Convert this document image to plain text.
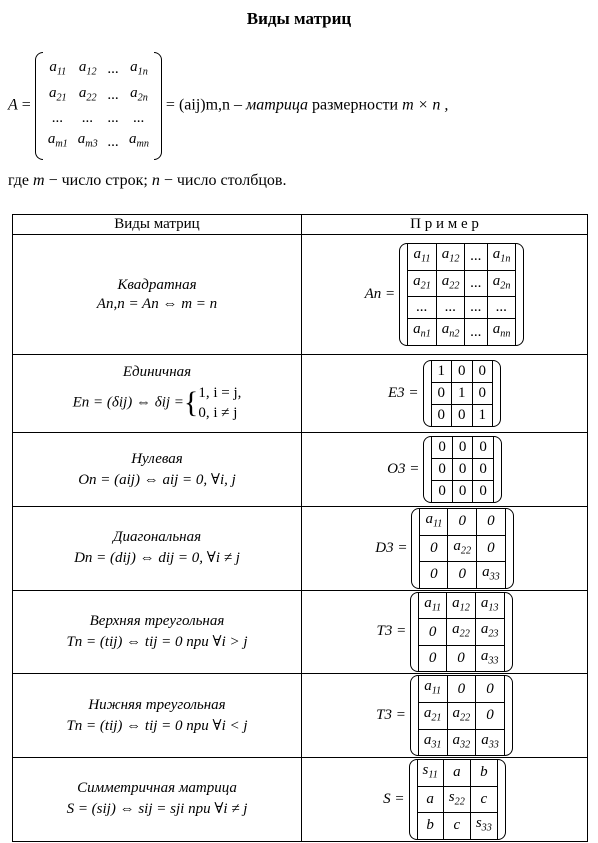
Виды матриц
A =
$a_{11}$	$a_{12}$	...	$a_{1n}$
$a_{21}$	$a_{22}$	...	$a_{2n}$
...	...	...	...
$a_{m1}$	$a_{m3}$	...	$a_{mn}$
= (aij)m,n – матрица размерности m × n ,
где m − число строк; n − число столбцов.
Виды матриц	П р и м е р

Квадратная
An,n = An ⇔ m = n
	An =
$a_{11}$	$a_{12}$	...	$a_{1n}$
$a_{21}$	$a_{22}$	...	$a_{2n}$
...	...	...	...
$a_{n1}$	$a_{n2}$	...	$a_{nn}$

Единичная
En = (δij) ⇔ δij ={1, i = j,
0, i ≠ j
	E3 =
1	0	0
0	1	0
0	0	1

Нулевая
On = (aij) ⇔ aij = 0, ∀i, j
	O3 =
0	0	0
0	0	0
0	0	0

Диагональная
Dn = (dij) ⇔ dij = 0, ∀i ≠ j
	D3 =
$a_{11}$	0	0
0	$a_{22}$	0
0	0	$a_{33}$

Верхняя треугольная
Tn = (tij) ⇔ tij = 0 при ∀i > j
	T3 =
$a_{11}$	$a_{12}$	$a_{13}$
0	$a_{22}$	$a_{23}$
0	0	$a_{33}$

Нижняя треугольная
Tn = (tij) ⇔ tij = 0 при ∀i < j
	T3 =
$a_{11}$	0	0
$a_{21}$	$a_{22}$	0
$a_{31}$	$a_{32}$	$a_{33}$

Симметричная матрица
S = (sij) ⇔ sij = sji при ∀i ≠ j
	S =
$s_{11}$	a	b
a	$s_{22}$	c
b	c	$s_{33}$
